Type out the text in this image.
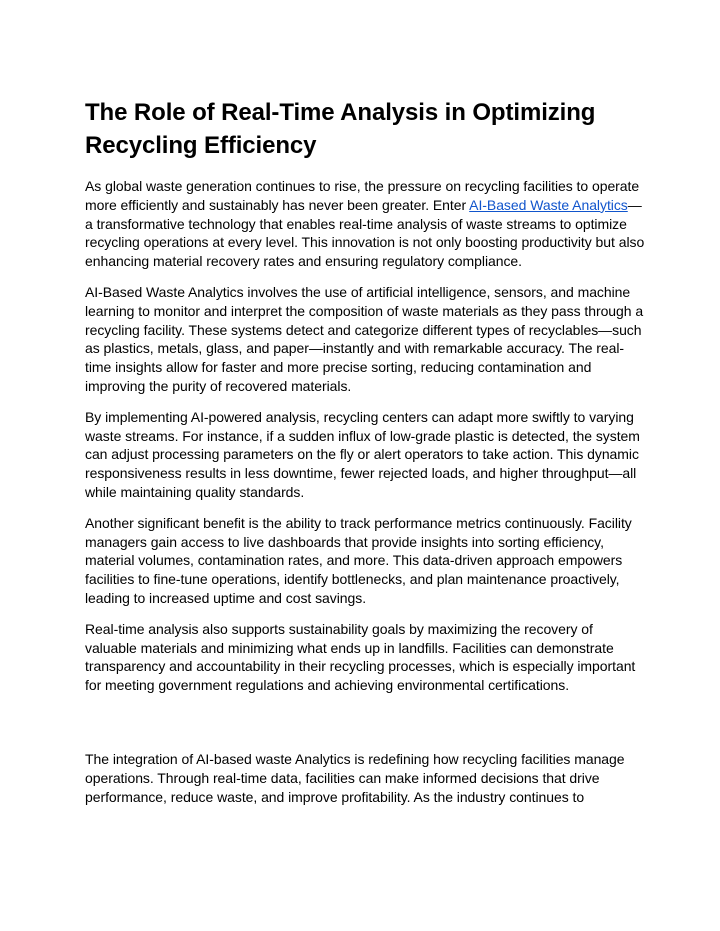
The Role of Real-Time Analysis in Optimizing Recycling Efficiency

As global waste generation continues to rise, the pressure on recycling facilities to operate more efficiently and sustainably has never been greater. Enter AI-Based Waste Analytics—a transformative technology that enables real-time analysis of waste streams to optimize recycling operations at every level. This innovation is not only boosting productivity but also enhancing material recovery rates and ensuring regulatory compliance.

AI-Based Waste Analytics involves the use of artificial intelligence, sensors, and machine learning to monitor and interpret the composition of waste materials as they pass through a recycling facility. These systems detect and categorize different types of recyclables—such as plastics, metals, glass, and paper—instantly and with remarkable accuracy. The real-time insights allow for faster and more precise sorting, reducing contamination and improving the purity of recovered materials.

By implementing AI-powered analysis, recycling centers can adapt more swiftly to varying waste streams. For instance, if a sudden influx of low-grade plastic is detected, the system can adjust processing parameters on the fly or alert operators to take action. This dynamic responsiveness results in less downtime, fewer rejected loads, and higher throughput—all while maintaining quality standards.

Another significant benefit is the ability to track performance metrics continuously. Facility managers gain access to live dashboards that provide insights into sorting efficiency, material volumes, contamination rates, and more. This data-driven approach empowers facilities to fine-tune operations, identify bottlenecks, and plan maintenance proactively, leading to increased uptime and cost savings.

Real-time analysis also supports sustainability goals by maximizing the recovery of valuable materials and minimizing what ends up in landfills. Facilities can demonstrate transparency and accountability in their recycling processes, which is especially important for meeting government regulations and achieving environmental certifications.

The integration of AI-based waste Analytics is redefining how recycling facilities manage operations. Through real-time data, facilities can make informed decisions that drive performance, reduce waste, and improve profitability. As the industry continues to
